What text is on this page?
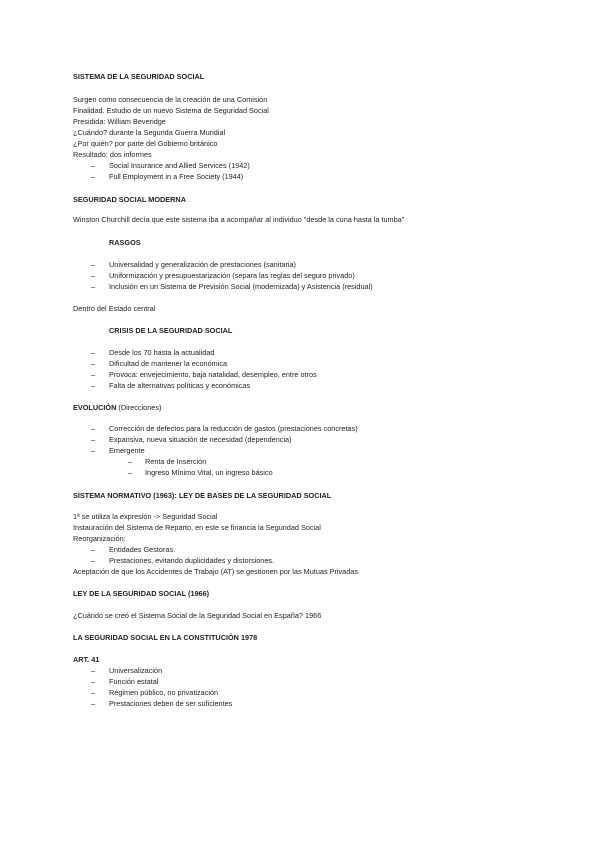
SISTEMA DE LA SEGURIDAD SOCIAL
Surgen como consecuencia de la creación de una Comisión
Finalidad. Estudio de un nuevo Sistema de Seguridad Social
Presidida: William Beveridge
¿Cuándo? durante la Segunda Guerra Mundial
¿Por quién? por parte del Gobierno británico
Resultado: dos informes
– Social Insurance and Allied Services (1942)
– Full Employment in a Free Society (1944)
SEGURIDAD SOCIAL MODERNA
Winston Churchill decía que este sistema iba a acompañar al individuo "desde la cuna hasta la tumba"
RASGOS
– Universalidad y generalización de prestaciones (sanitaria)
– Uniformización y presupuestarización (separa las reglas del seguro privado)
– Inclusión en un Sistema de Previsión Social (modernizada) y Asistencia (residual)
Dentro del Estado central
CRISIS DE LA SEGURIDAD SOCIAL
– Desde los 70 hasta la actualidad
– Dificultad de mantener la económica
– Provoca: envejecimiento, baja natalidad, desempleo, entre otros
– Falta de alternativas políticas y económicas
EVOLUCIÓN (Direcciones)
– Corrección de defectos para la reducción de gastos (prestaciones concretas)
– Expansiva, nueva situación de necesidad (dependencia)
– Emergente
– Renta de Inserción
– Ingreso Mínimo Vital, un ingreso básico
SISTEMA NORMATIVO (1963): LEY DE BASES DE LA SEGURIDAD SOCIAL
1ª se utiliza la expresión -> Seguridad Social
Instauración del Sistema de Reparto, en este se financia la Seguridad Social
Reorganización:
– Entidades Gestoras.
– Prestaciones, evitando duplicidades y distorsiones.
Aceptación de que los Accidentes de Trabajo (AT) se gestionen por las Mutuas Privadas
LEY DE LA SEGURIDAD SOCIAL (1966)
¿Cuándo se creó el Sistema Social de la Seguridad Social en España? 1966
LA SEGURIDAD SOCIAL EN LA CONSTITUCIÓN 1978
ART. 41
– Universalización
– Función estatal
– Régimen público, no privatización
– Prestaciones deben de ser suficientes
